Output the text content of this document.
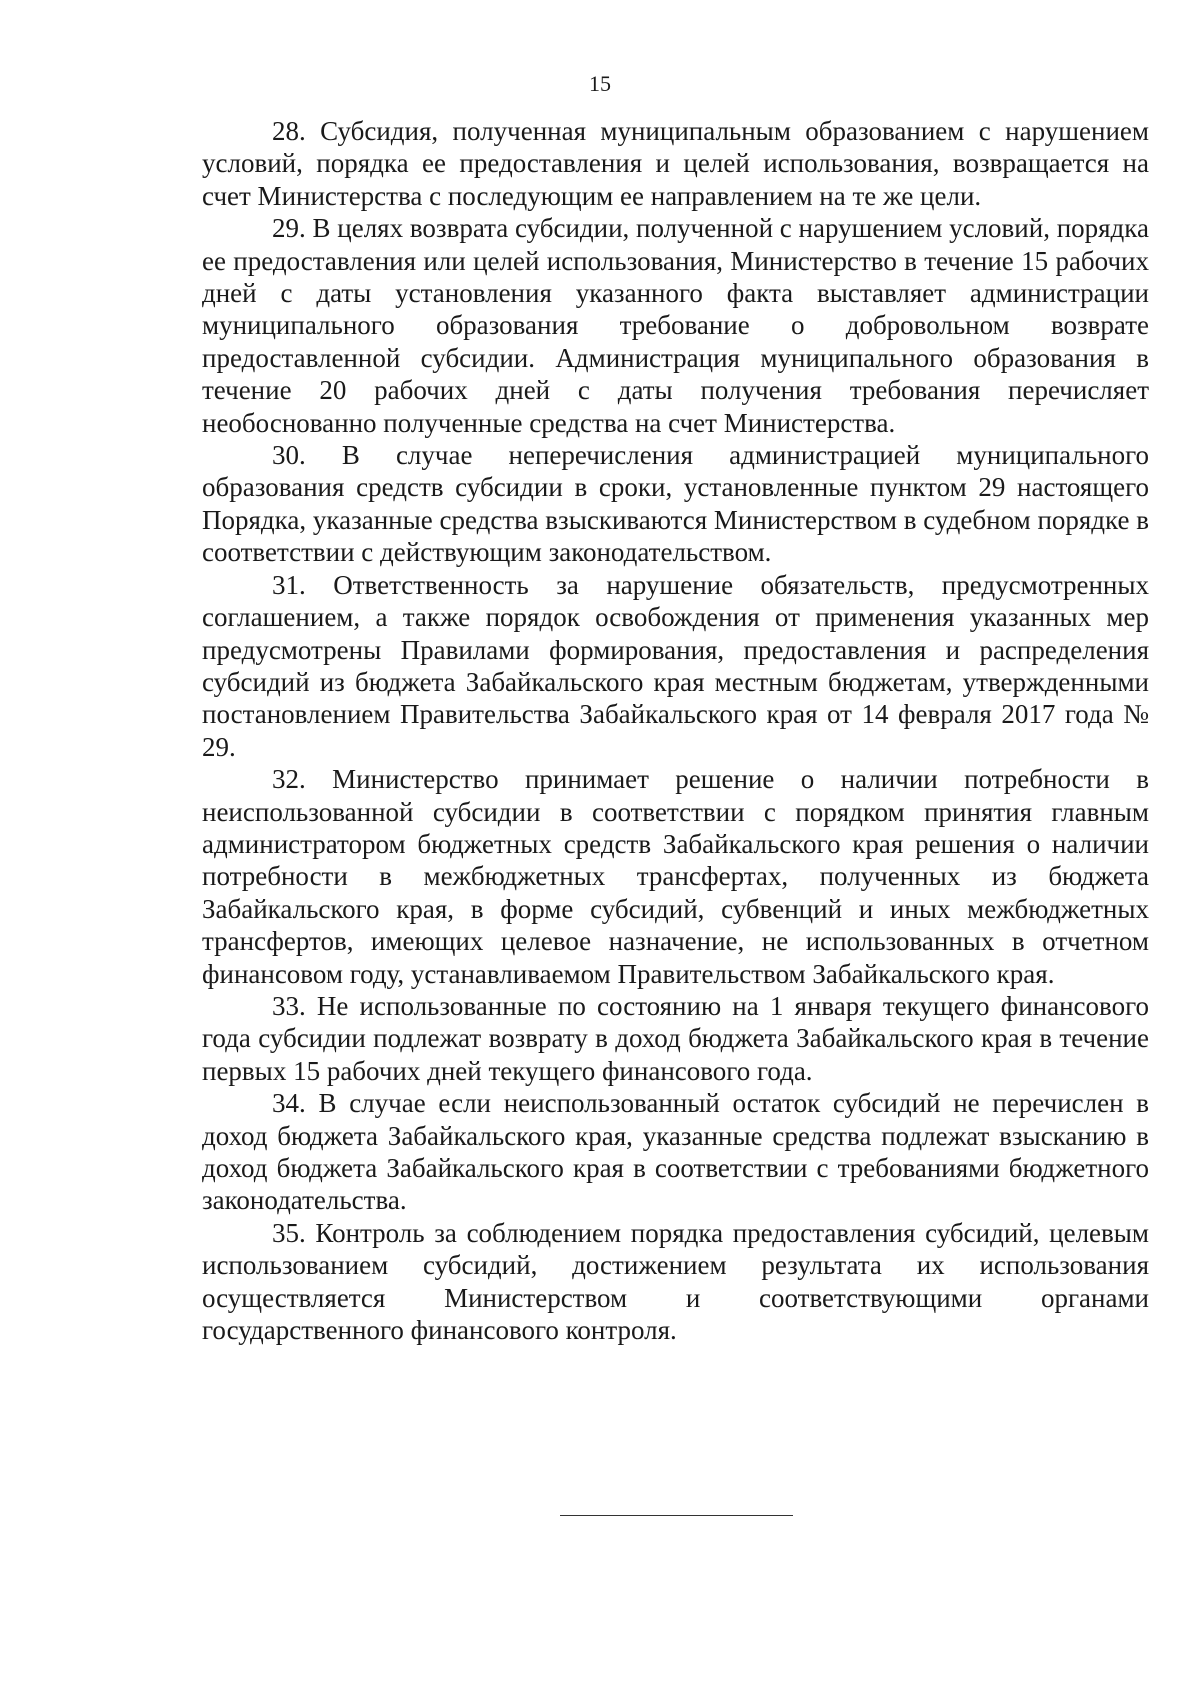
15

28. Субсидия, полученная муниципальным образованием с нарушением условий, порядка ее предоставления и целей использования, возвращается на счет Министерства с последующим ее направлением на те же цели.

29. В целях возврата субсидии, полученной с нарушением условий, порядка ее предоставления или целей использования, Министерство в течение 15 рабочих дней с даты установления указанного факта выставляет администрации муниципального образования требование о добровольном возврате предоставленной субсидии. Администрация муниципального образования в течение 20 рабочих дней с даты получения требования перечисляет необоснованно полученные средства на счет Министерства.

30. В случае неперечисления администрацией муниципального образования средств субсидии в сроки, установленные пунктом 29 настоящего Порядка, указанные средства взыскиваются Министерством в судебном порядке в соответствии с действующим законодательством.

31. Ответственность за нарушение обязательств, предусмотренных соглашением, а также порядок освобождения от применения указанных мер предусмотрены Правилами формирования, предоставления и распределения субсидий из бюджета Забайкальского края местным бюджетам, утвержденными постановлением Правительства Забайкальского края от 14 февраля 2017 года № 29.

32. Министерство принимает решение о наличии потребности в неиспользованной субсидии в соответствии с порядком принятия главным администратором бюджетных средств Забайкальского края решения о наличии потребности в межбюджетных трансфертах, полученных из бюджета Забайкальского края, в форме субсидий, субвенций и иных межбюджетных трансфертов, имеющих целевое назначение, не использованных в отчетном финансовом году, устанавливаемом Правительством Забайкальского края.

33. Не использованные по состоянию на 1 января текущего финансового года субсидии подлежат возврату в доход бюджета Забайкальского края в течение первых 15 рабочих дней текущего финансового года.

34. В случае если неиспользованный остаток субсидий не перечислен в доход бюджета Забайкальского края, указанные средства подлежат взысканию в доход бюджета Забайкальского края в соответствии с требованиями бюджетного законодательства.

35. Контроль за соблюдением порядка предоставления субсидий, целевым использованием субсидий, достижением результата их использования осуществляется Министерством и соответствующими органами государственного финансового контроля.
